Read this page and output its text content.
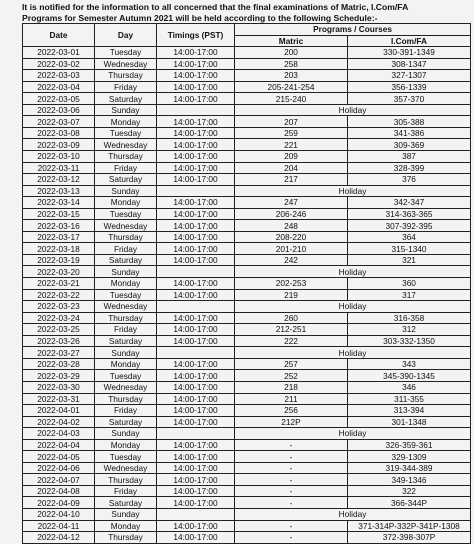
It is notified for the information to all concerned that the final examinations of Matric, I.Com/FA
Programs for Semester Autumn 2021 will be held according to the following Schedule:-
Date	Day	Timings (PST)	Programs / Courses	
			Matric	I.Com/FA
2022-03-01	Tuesday	14:00-17:00	200	330-391-1349
2022-03-02	Wednesday	14:00-17:00	258	308-1347
2022-03-03	Thursday	14:00-17:00	203	327-1307
2022-03-04	Friday	14:00-17:00	205-241-254	356-1339
2022-03-05	Saturday	14:00-17:00	215-240	357-370
2022-03-06	Sunday		Holiday	
2022-03-07	Monday	14:00-17:00	207	305-388
2022-03-08	Tuesday	14:00-17:00	259	341-386
2022-03-09	Wednesday	14:00-17:00	221	309-369
2022-03-10	Thursday	14:00-17:00	209	387
2022-03-11	Friday	14:00-17:00	204	328-399
2022-03-12	Saturday	14:00-17:00	217	376
2022-03-13	Sunday		Holiday	
2022-03-14	Monday	14:00-17:00	247	342-347
2022-03-15	Tuesday	14:00-17:00	206-246	314-363-365
2022-03-16	Wednesday	14:00-17:00	248	307-392-395
2022-03-17	Thursday	14:00-17:00	208-220	364
2022-03-18	Friday	14:00-17:00	201-210	315-1340
2022-03-19	Saturday	14:00-17:00	242	321
2022-03-20	Sunday		Holiday	
2022-03-21	Monday	14:00-17:00	202-253	360
2022-03-22	Tuesday	14:00-17:00	219	317
2022-03-23	Wednesday		Holiday	
2022-03-24	Thursday	14:00-17:00	260	316-358
2022-03-25	Friday	14:00-17:00	212-251	312
2022-03-26	Saturday	14:00-17:00	222	303-332-1350
2022-03-27	Sunday		Holiday	
2022-03-28	Monday	14:00-17:00	257	343
2022-03-29	Tuesday	14:00-17:00	252	345-390-1345
2022-03-30	Wednesday	14:00-17:00	218	346
2022-03-31	Thursday	14:00-17:00	211	311-355
2022-04-01	Friday	14:00-17:00	256	313-394
2022-04-02	Saturday	14:00-17:00	212P	301-1348
2022-04-03	Sunday		Holiday	
2022-04-04	Monday	14:00-17:00	-	326-359-361
2022-04-05	Tuesday	14:00-17:00	-	329-1309
2022-04-06	Wednesday	14:00-17:00	-	319-344-389
2022-04-07	Thursday	14:00-17:00	-	349-1346
2022-04-08	Friday	14:00-17:00	-	322
2022-04-09	Saturday	14:00-17:00	-	366-344P
2022-04-10	Sunday		Holiday	
2022-04-11	Monday	14:00-17:00	-	371-314P-332P-341P-1308
2022-04-12	Thursday	14:00-17:00	-	372-398-307P
